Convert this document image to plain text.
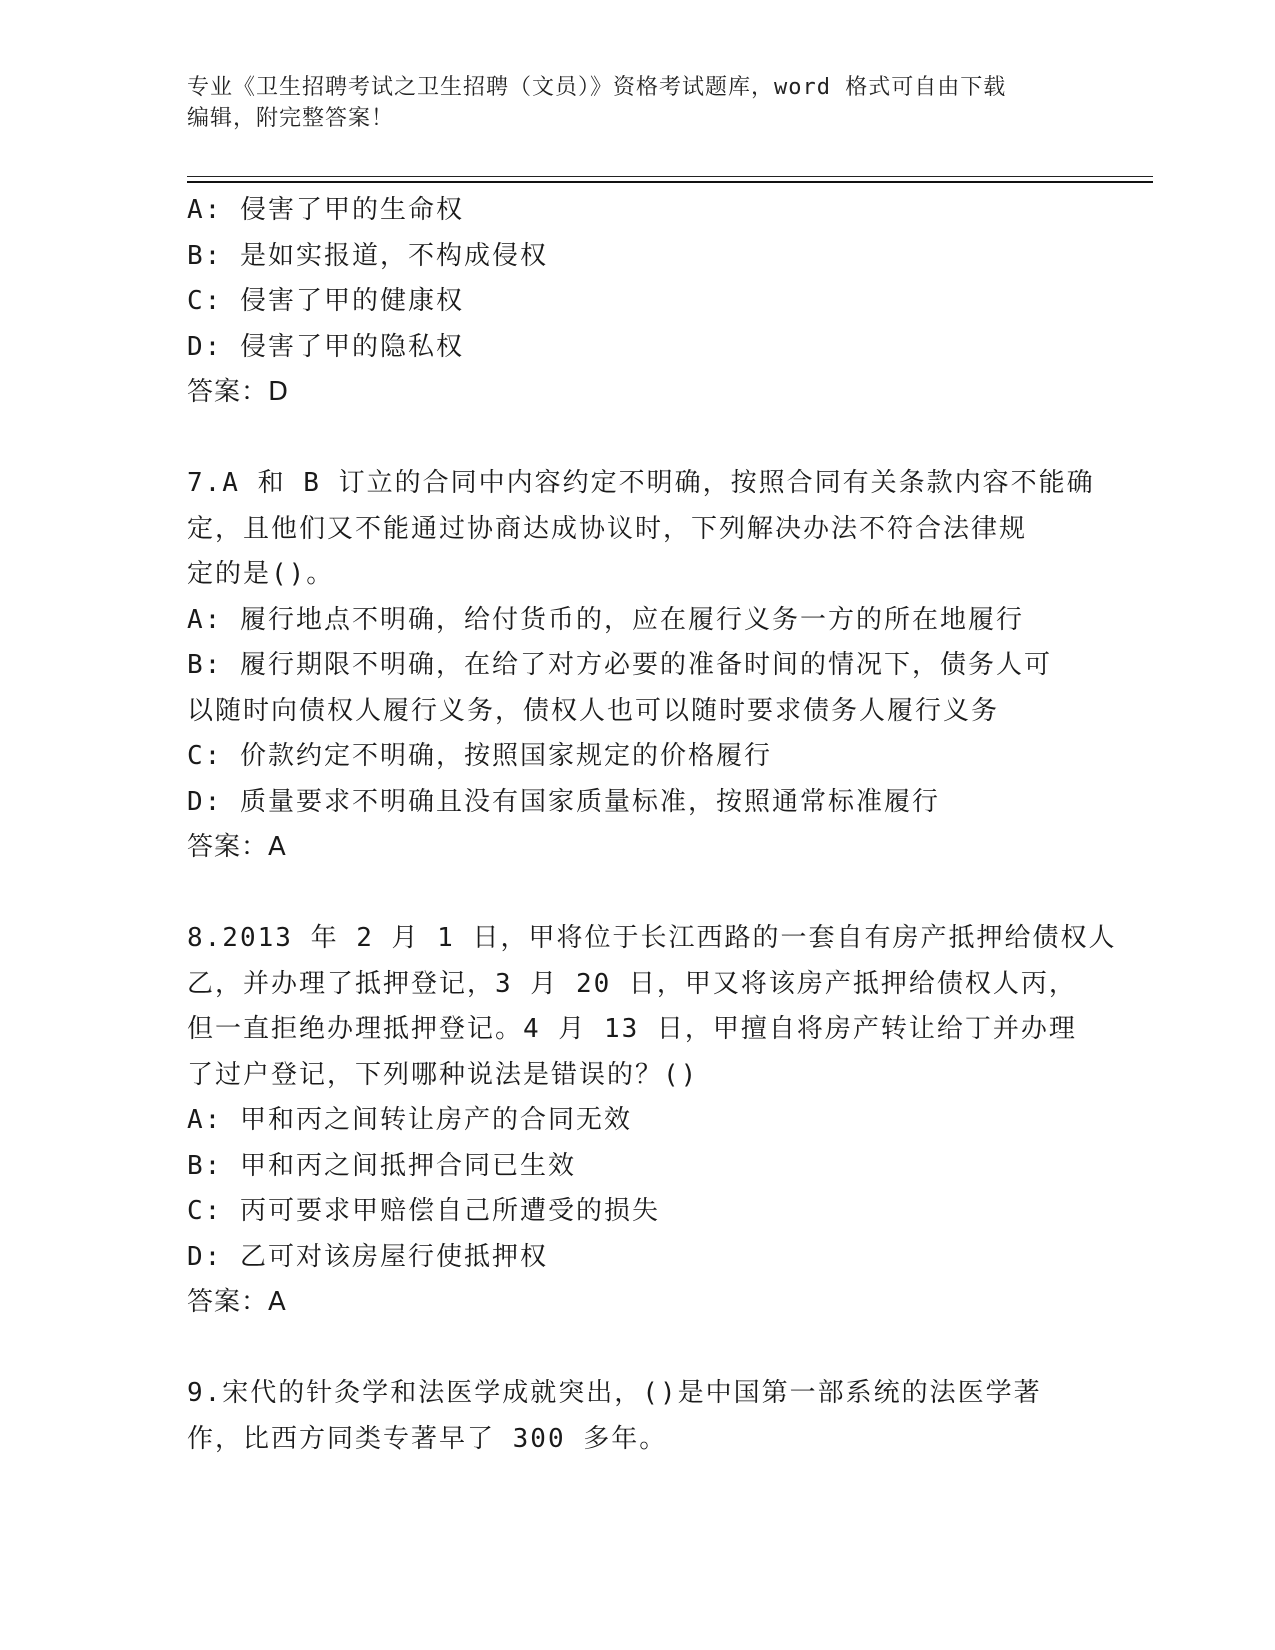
专业《卫生招聘考试之卫生招聘（文员）》资格考试题库，word 格式可自由下载
编辑，附完整答案！
A: 侵害了甲的生命权
B: 是如实报道，不构成侵权
C: 侵害了甲的健康权
D: 侵害了甲的隐私权
答案：D
7.A 和 B 订立的合同中内容约定不明确，按照合同有关条款内容不能确
定，且他们又不能通过协商达成协议时，下列解决办法不符合法律规
定的是()。
A: 履行地点不明确，给付货币的，应在履行义务一方的所在地履行
B: 履行期限不明确，在给了对方必要的准备时间的情况下，债务人可
以随时向债权人履行义务，债权人也可以随时要求债务人履行义务
C: 价款约定不明确，按照国家规定的价格履行
D: 质量要求不明确且没有国家质量标准，按照通常标准履行
答案：A
8.2013 年 2 月 1 日，甲将位于长江西路的一套自有房产抵押给债权人
乙，并办理了抵押登记，3 月 20 日，甲又将该房产抵押给债权人丙，
但一直拒绝办理抵押登记。4 月 13 日，甲擅自将房产转让给丁并办理
了过户登记，下列哪种说法是错误的？()
A: 甲和丙之间转让房产的合同无效
B: 甲和丙之间抵押合同已生效
C: 丙可要求甲赔偿自己所遭受的损失
D: 乙可对该房屋行使抵押权
答案：A
9.宋代的针灸学和法医学成就突出，()是中国第一部系统的法医学著
作，比西方同类专著早了 300 多年。
